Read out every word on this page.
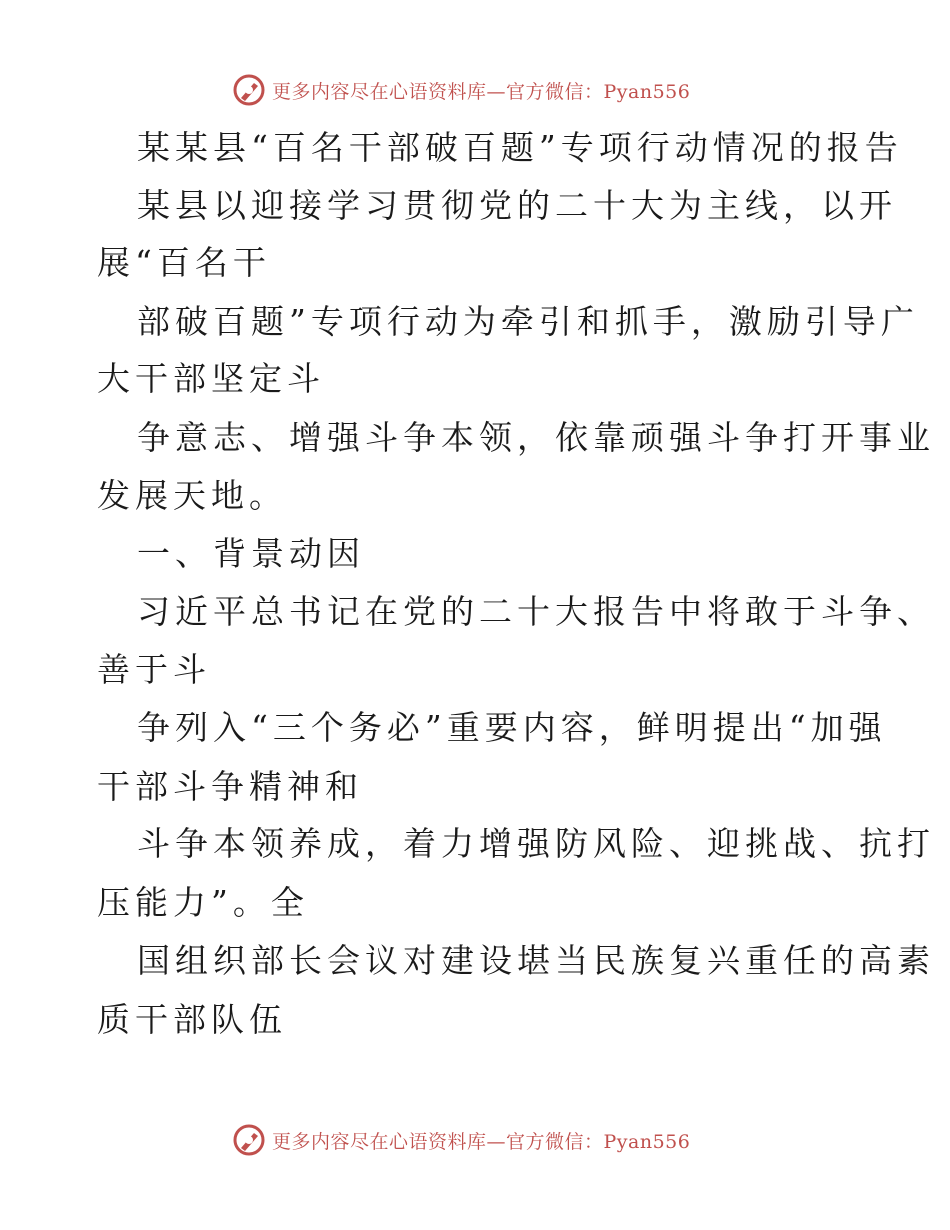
更多内容尽在心语资料库—官方微信：Pyan556
某某县“百名干部破百题”专项行动情况的报告
某县以迎接学习贯彻党的二十大为主线，以开
展“百名干
部破百题”专项行动为牵引和抓手，激励引导广
大干部坚定斗
争意志、增强斗争本领，依靠顽强斗争打开事业
发展天地。
一、背景动因
习近平总书记在党的二十大报告中将敢于斗争、
善于斗
争列入“三个务必”重要内容，鲜明提出“加强
干部斗争精神和
斗争本领养成，着力增强防风险、迎挑战、抗打
压能力”。全
国组织部长会议对建设堪当民族复兴重任的高素
质干部队伍
更多内容尽在心语资料库—官方微信：Pyan556
